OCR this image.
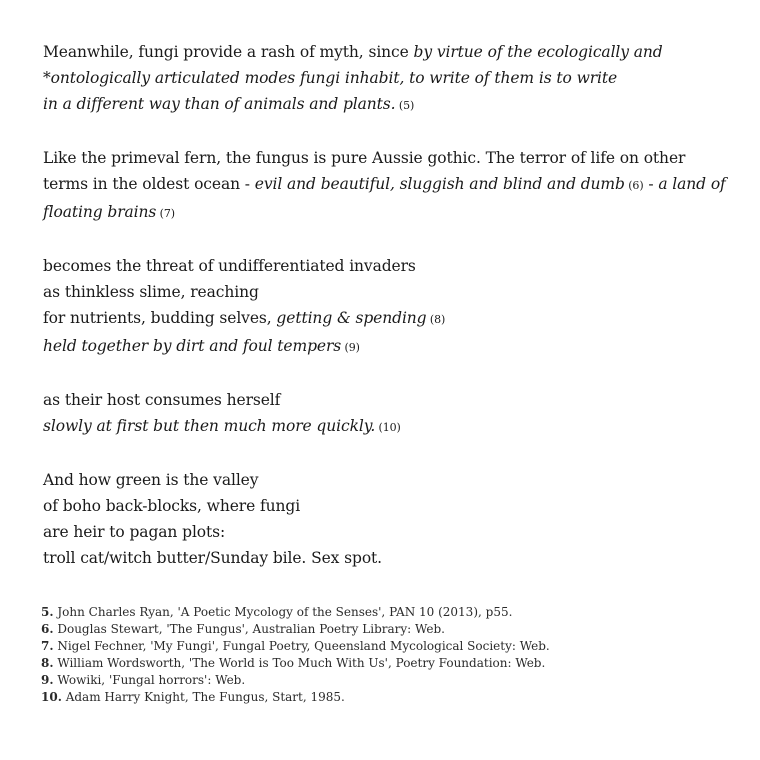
Meanwhile, fungi provide a rash of myth, since by virtue of the ecologically and
*ontologically articulated modes fungi inhabit, to write of them is to write
in a different way than of animals and plants. (5)
Like the primeval fern, the fungus is pure Aussie gothic. The terror of life on other
terms in the oldest ocean - evil and beautiful, sluggish and blind and dumb (6) - a land of
floating brains (7)
becomes the threat of undifferentiated invaders
as thinkless slime, reaching
for nutrients, budding selves, getting & spending (8)
held together by dirt and foul tempers (9)
as their host consumes herself
slowly at first but then much more quickly. (10)
And how green is the valley
of boho back-blocks, where fungi
are heir to pagan plots:
troll cat/witch butter/Sunday bile. Sex spot.
5. John Charles Ryan, 'A Poetic Mycology of the Senses', PAN 10 (2013), p55.
6. Douglas Stewart, 'The Fungus', Australian Poetry Library: Web.
7. Nigel Fechner, 'My Fungi', Fungal Poetry, Queensland Mycological Society: Web.
8. William Wordsworth, 'The World is Too Much With Us', Poetry Foundation: Web.
9. Wowiki, 'Fungal horrors': Web.
10. Adam Harry Knight, The Fungus, Start, 1985.
